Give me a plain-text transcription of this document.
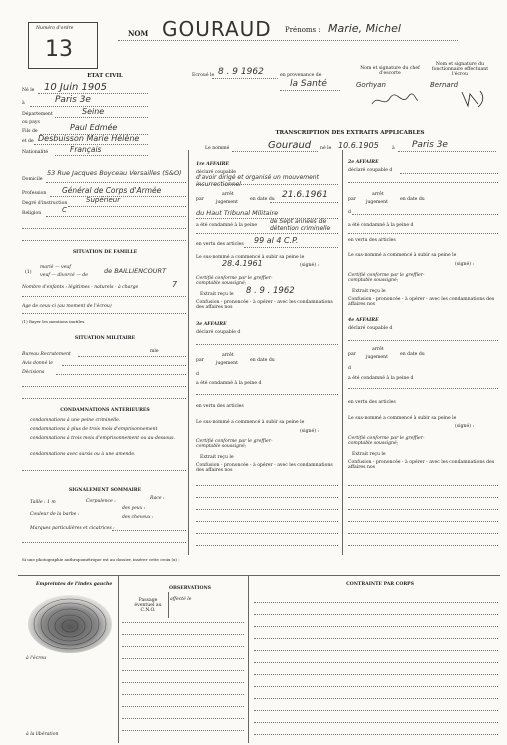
Numéro d'ordre
13
NOM GOURAUD Prénoms : Marie, Michel
ETAT CIVIL
Né le 10 Juin 1905
à	Paris 3e
Département	Seine
ou pays
Fils de	Paul Edmée
et de Desbuisson Marie Hélène
Nationalité	Français
Domicile
53 Rue Jacques Boyceau Versailles (S&O)
Profession Général de Corps d'Armée
Degré d'instruction	Supérieur
Religion	C
Ecroué le 8 . 9 1962	en provenance de
la Santé
Nom et signature du chef d'escorte
Gorhyan
Nom et signature du fonctionnaire effectuant l'écrou
Bernard
TRANSCRIPTION DES EXTRAITS APPLICABLES
Le nommé	Gouraud né le 10.6.1905	à Paris 3e
1re AFFAIRE
déclaré coupable
d'avoir dirigé et organisé un mouvement insurrectionnel
par
arrêt
jugement
en date du 21.6.1961
du Haut Tribunal Militaire
a été condamné à la peine
de Sept années de détention criminelle
en vertu des articles 99 al 4 C.P.
Le sus-nommé a commencé à subir sa peine le
28.4.1961	(signé) :
Certifié conforme par le greffier-comptable soussigné;
Extrait reçu le 8 . 9 . 1962
Confusion - prononcée - à opérer - avec les condamnations des affaires nos
2e AFFAIRE
déclaré coupable d
par
arrêt
jugement
en date du
d
a été condamné à la peine d
en vertu des articles
Le sus-nommé a commencé à subir sa peine le
(signé) :
Certifié conforme par le greffier-comptable soussigné;
Extrait reçu le
Confusion - prononcée - à opérer - avec les condamnations des affaires nos
3e AFFAIRE
déclaré coupable d
par
arrêt
jugement
en date du
d
a été condamné à la peine d
en vertu des articles
Le sus-nommé a commencé à subir sa peine le
(signé) :
Certifié conforme par le greffier-comptable soussigné;
Extrait reçu le
Confusion - prononcée - à opérer - avec les condamnations des affaires nos
4e AFFAIRE
déclaré coupable d
par
arrêt
jugement
en date du
d
a été condamné à la peine d
en vertu des articles
Le sus-nommé a commencé à subir sa peine le
(signé) :
Certifié conforme par le greffier-comptable soussigné;
Extrait reçu le
Confusion - prononcée - à opérer - avec les condamnations des affaires nos
SITUATION DE FAMILLE
(1)
marié — veuf
veuf — divorcé — de
de BAILLIENCOURT
Nombre d'enfants : légitimes - naturels - à charge	7
Age de ceux-ci (au moment de l'écrou)
(1) Rayer les mentions inutiles.
SITUATION MILITAIRE
Bureau Recrutement
mle
Avis donné le
Décisions
CONDAMNATIONS ANTERIEURES
condamnations à une peine criminelle.
condamnations à plus de trois mois d'emprisonnement
condamnations à trois mois d'emprisonnement ou au-dessous.
condamnations avec sursis ou à une amende.
SIGNALEMENT SOMMAIRE
Taille : 1 m	Corpulence :
Race :
des yeux :
Couleur de la barbe :
des cheveux :
Marques particulières et cicatrices :
Si une photographie anthropométrique est au dossier, insérer cette croix (x) :
Empreintes de l'index gauche
à l'écrou
à la libération
OBSERVATIONS
Passage éventuel au C.N.O.
affecté le
CONTRAINTE PAR CORPS
